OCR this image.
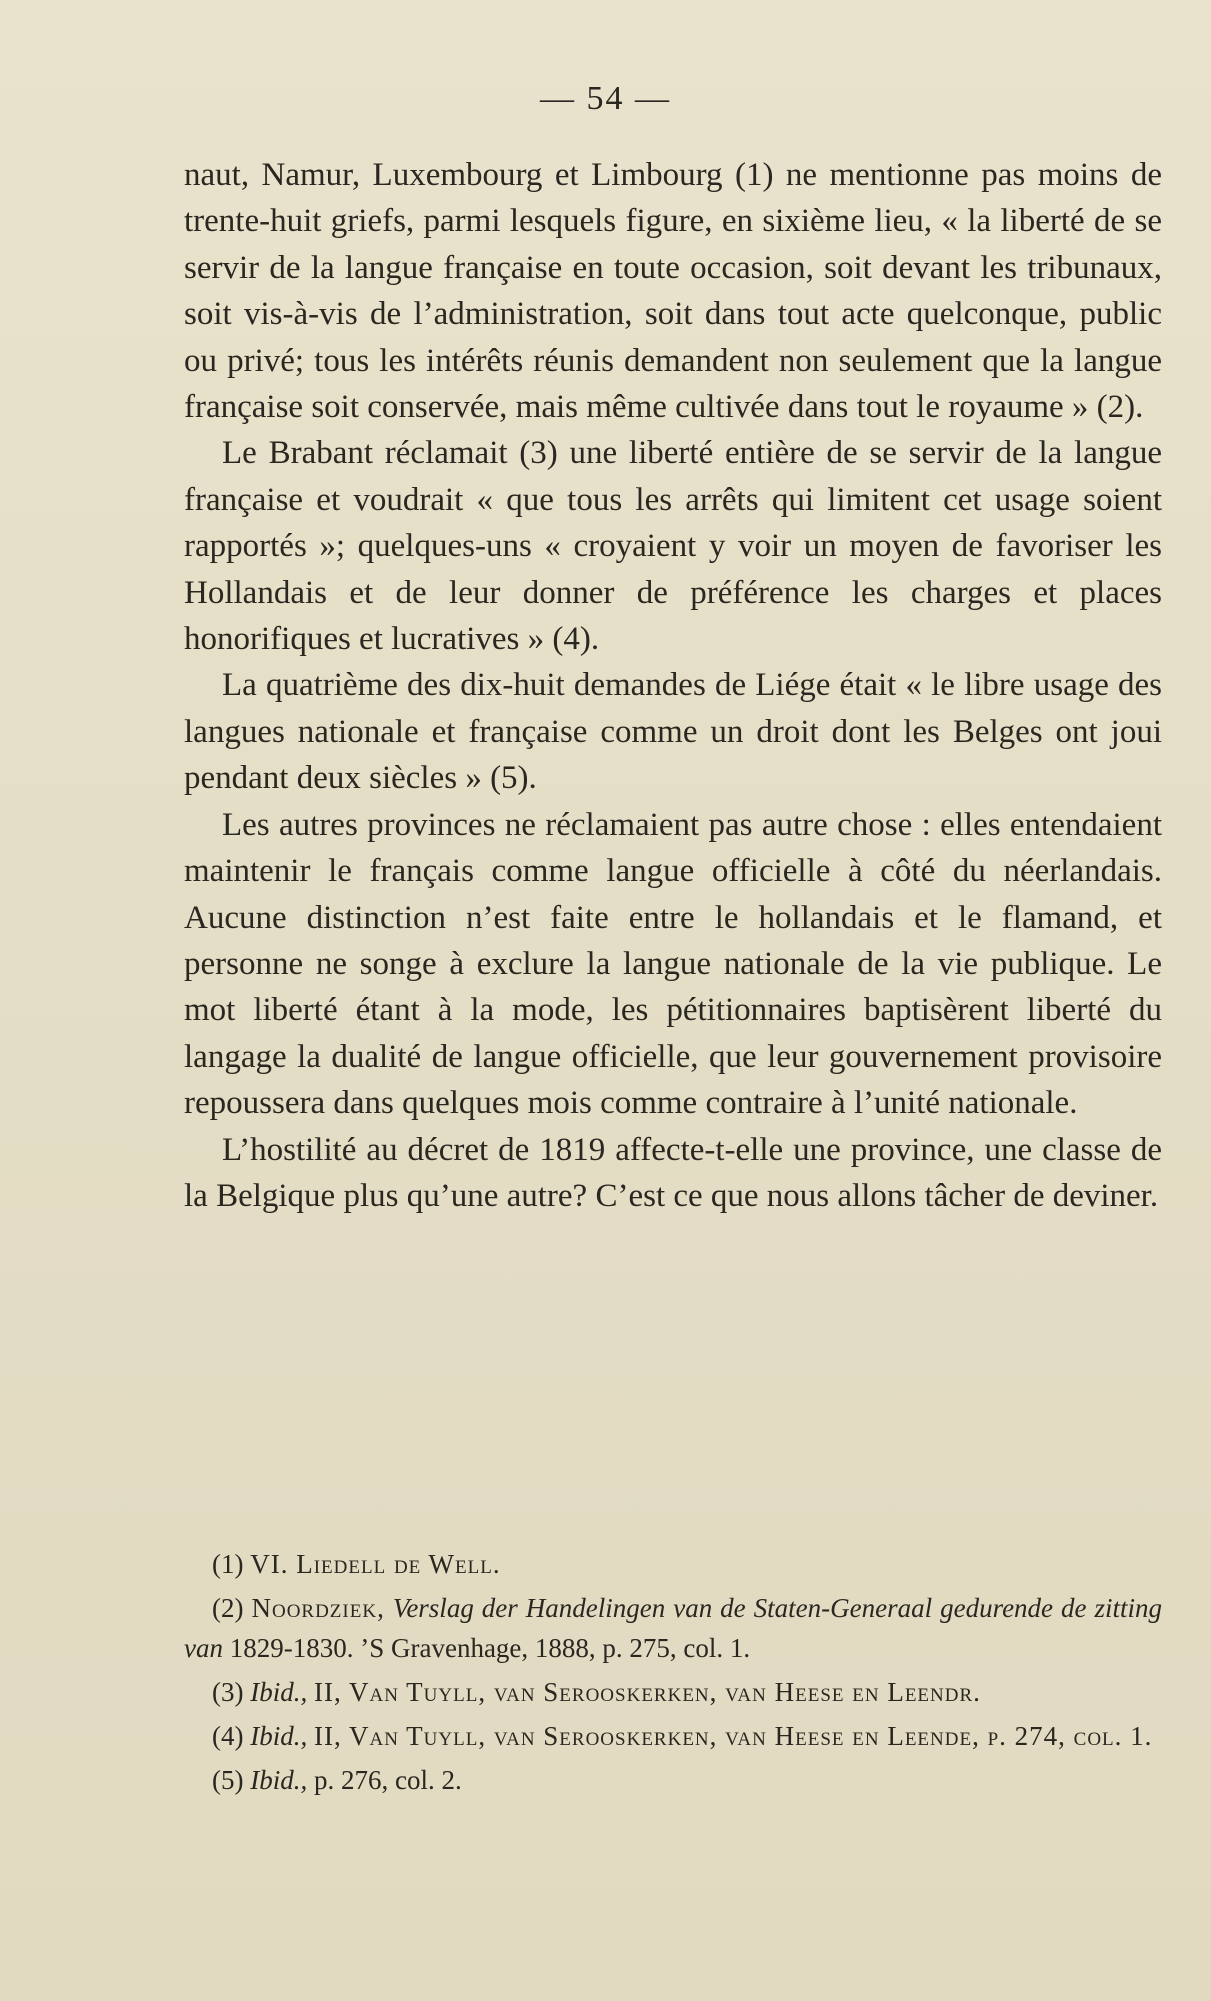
— 54 —

naut, Namur, Luxembourg et Limbourg (1) ne mentionne pas moins de trente-huit griefs, parmi lesquels figure, en sixième lieu, « la liberté de se servir de la langue française en toute occasion, soit devant les tribunaux, soit vis-à-vis de l’administration, soit dans tout acte quelconque, public ou privé; tous les intérêts réunis demandent non seulement que la langue française soit conservée, mais même cultivée dans tout le royaume » (2).

Le Brabant réclamait (3) une liberté entière de se servir de la langue française et voudrait « que tous les arrêts qui limitent cet usage soient rapportés »; quelques-uns « croyaient y voir un moyen de favoriser les Hollandais et de leur donner de préférence les charges et places honorifiques et lucratives » (4).

La quatrième des dix-huit demandes de Liége était « le libre usage des langues nationale et française comme un droit dont les Belges ont joui pendant deux siècles » (5).

Les autres provinces ne réclamaient pas autre chose : elles entendaient maintenir le français comme langue officielle à côté du néerlandais. Aucune distinction n’est faite entre le hollandais et le flamand, et personne ne songe à exclure la langue nationale de la vie publique. Le mot liberté étant à la mode, les pétitionnaires baptisèrent liberté du langage la dualité de langue officielle, que leur gouvernement provisoire repoussera dans quelques mois comme contraire à l’unité nationale.

L’hostilité au décret de 1819 affecte-t-elle une province, une classe de la Belgique plus qu’une autre? C’est ce que nous allons tâcher de deviner.

(1) VI. Liedell de Well.

(2) Noordziek, Verslag der Handelingen van de Staten-Generaal gedurende de zitting van 1829-1830. ’S Gravenhage, 1888, p. 275, col. 1.

(3) Ibid., II, Van Tuyll, van Serooskerken, van Heese en Leendr.

(4) Ibid., II, Van Tuyll, van Serooskerken, van Heese en Leende, p. 274, col. 1.

(5) Ibid., p. 276, col. 2.
